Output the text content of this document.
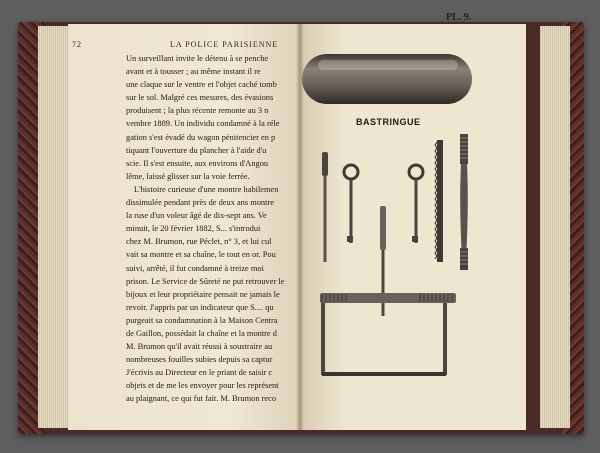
72	LA POLICE PARISIENNE
Un surveillant invite le détenu à se penche
avant et à tousser ; au même instant il re
une claque sur le ventre et l'objet caché tomb
sur le sol. Malgré ces mesures, des évasions
produisent ; la plus récente remonte au 3 n
vembre 1889. Un individu condamné à la réle
gation s'est évadé du wagon pénitencier en p
tiquant l'ouverture du plancher à l'aide d'u
scie. Il s'est ensuite, aux environs d'Angou
lême, laissé glisser sur la voie ferrée.
L'histoire curieuse d'une montre habilemen
dissimulée pendant près de deux ans montre
la ruse d'un voleur âgé de dix-sept ans. Ve
minuit, le 20 février 1882, S... s'introdui
chez M. Brumon, rue Péclet, n° 3, et lui cul
vait sa montre et sa chaîne, le tout en or. Pou
suivi, arrêté, il fut condamné à treize moi
prison. Le Service de Sûreté ne put retrouver le
bijoux et leur propriétaire pensait ne jamais le
revoir. J'appris par un indicateur que S.... qu
purgeait sa condamnation à la Maison Centra
de Gaillon, possédait la chaîne et la montre d
M. Brumon qu'il avait réussi à soustraire au
nombreuses fouilles subies depuis sa captur
J'écrivis au Directeur en le priant de saisir c
objets et de me les envoyer pour les représent
au plaignant, ce qui fut fait. M. Brumon reco
PL. 9.
BASTRINGUE
